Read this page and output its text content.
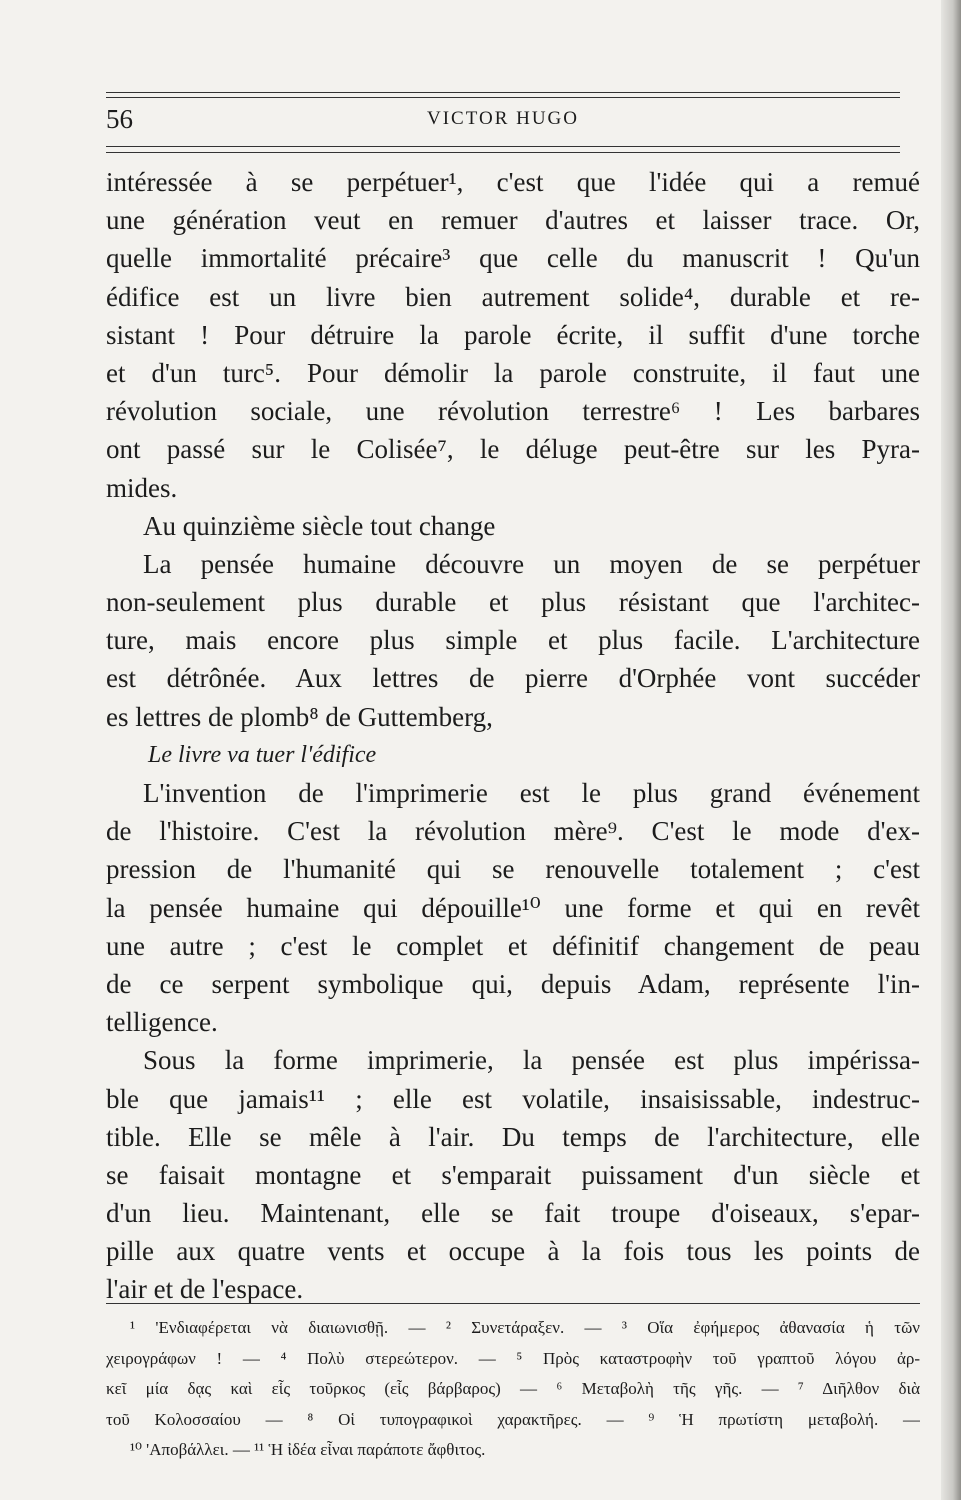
56	VICTOR HUGO
intéressée à se perpétuer¹, c'est que l'idée qui a remué
une génération veut en remuer d'autres et laisser trace. Or,
quelle immortalité précaire³ que celle du manuscrit ! Qu'un
édifice est un livre bien autrement solide⁴, durable et re-
sistant ! Pour détruire la parole écrite, il suffit d'une torche
et d'un turc⁵. Pour démolir la parole construite, il faut une
révolution sociale, une révolution terrestre⁶ ! Les barbares
ont passé sur le Colisée⁷, le déluge peut-être sur les Pyra-
mides.
Au quinzième siècle tout change
La pensée humaine découvre un moyen de se perpétuer
non-seulement plus durable et plus résistant que l'architec-
ture, mais encore plus simple et plus facile. L'architecture
est détrônée. Aux lettres de pierre d'Orphée vont succéder
es lettres de plomb⁸ de Guttemberg,
Le livre va tuer l'édifice
L'invention de l'imprimerie est le plus grand événement
de l'histoire. C'est la révolution mère⁹. C'est le mode d'ex-
pression de l'humanité qui se renouvelle totalement ; c'est
la pensée humaine qui dépouille¹⁰ une forme et qui en revêt
une autre ; c'est le complet et définitif changement de peau
de ce serpent symbolique qui, depuis Adam, représente l'in-
telligence.
Sous la forme imprimerie, la pensée est plus impérissa-
ble que jamais¹¹ ; elle est volatile, insaisissable, indestruc-
tible. Elle se mêle à l'air. Du temps de l'architecture, elle
se faisait montagne et s'emparait puissament d'un siècle et
d'un lieu. Maintenant, elle se fait troupe d'oiseaux, s'epar-
pille aux quatre vents et occupe à la fois tous les points de
l'air et de l'espace.
¹ 'Ενδιαφέρεται νὰ διαιωνισθῇ. — ² Συνετάραξεν. — ³ Οἵα ἐφήμερος ἀθανασία ἡ τῶν
χειρογράφων ! — ⁴ Πολὺ στερεώτερον. — ⁵ Πρὸς καταστροφὴν τοῦ γραπτοῦ λόγου ἀρ-
κεῖ μία δᾳς καὶ εἷς τοῦρκος (εἷς βάρβαρος) — ⁶ Μεταβολὴ τῆς γῆς. — ⁷ Διῆλθον διὰ
τοῦ Κολοσσαίου — ⁸ Οἱ τυπογραφικοὶ χαρακτῆρες. — ⁹ Ἡ πρωτίστη μεταβολή. —
¹⁰ 'Αποβάλλει. — ¹¹ Ἡ ἰδέα εἶναι παράποτε ἄφθιτος.
